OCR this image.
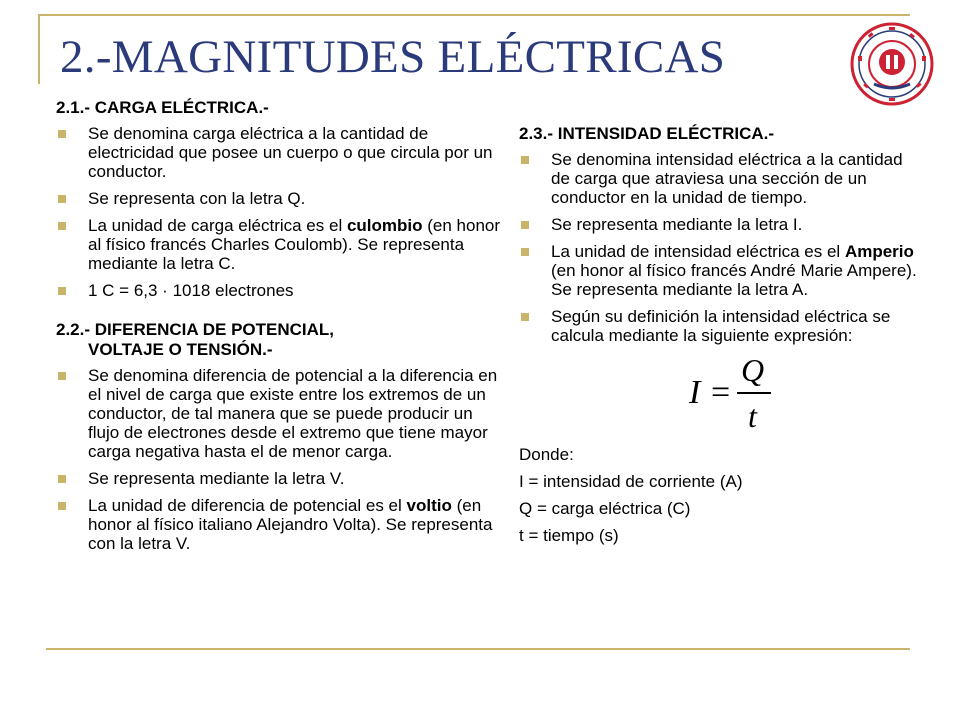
2.-MAGNITUDES ELÉCTRICAS

2.1.- CARGA ELÉCTRICA.-

Se denomina carga eléctrica a la cantidad de electricidad que posee un cuerpo o que circula por un conductor.
Se representa con la letra Q.
La unidad de carga eléctrica es el culombio (en honor al físico francés Charles Coulomb). Se representa mediante la letra C.
1 C = 6,3 · 1018 electrones

2.2.- DIFERENCIA DE POTENCIAL,
VOLTAJE O TENSIÓN.-

Se denomina diferencia de potencial a la diferencia en el nivel de carga que existe entre los extremos de un conductor, de tal manera que se puede producir un flujo de electrones desde el extremo que tiene mayor carga negativa hasta el de menor carga.
Se representa mediante la letra V.
La unidad de diferencia de potencial es el voltio (en honor al físico italiano Alejandro Volta). Se representa con la letra V.

2.3.- INTENSIDAD ELÉCTRICA.-

Se denomina intensidad eléctrica a la cantidad de carga que atraviesa una sección de un conductor en la unidad de tiempo.
Se representa mediante la letra I.
La unidad de intensidad eléctrica es el Amperio (en honor al físico francés André Marie Ampere). Se representa mediante la letra A.
Según su definición la intensidad eléctrica se calcula mediante la siguiente expresión:
I =
Q
t

Donde:

I = intensidad de corriente (A)

Q = carga eléctrica (C)

t = tiempo (s)
